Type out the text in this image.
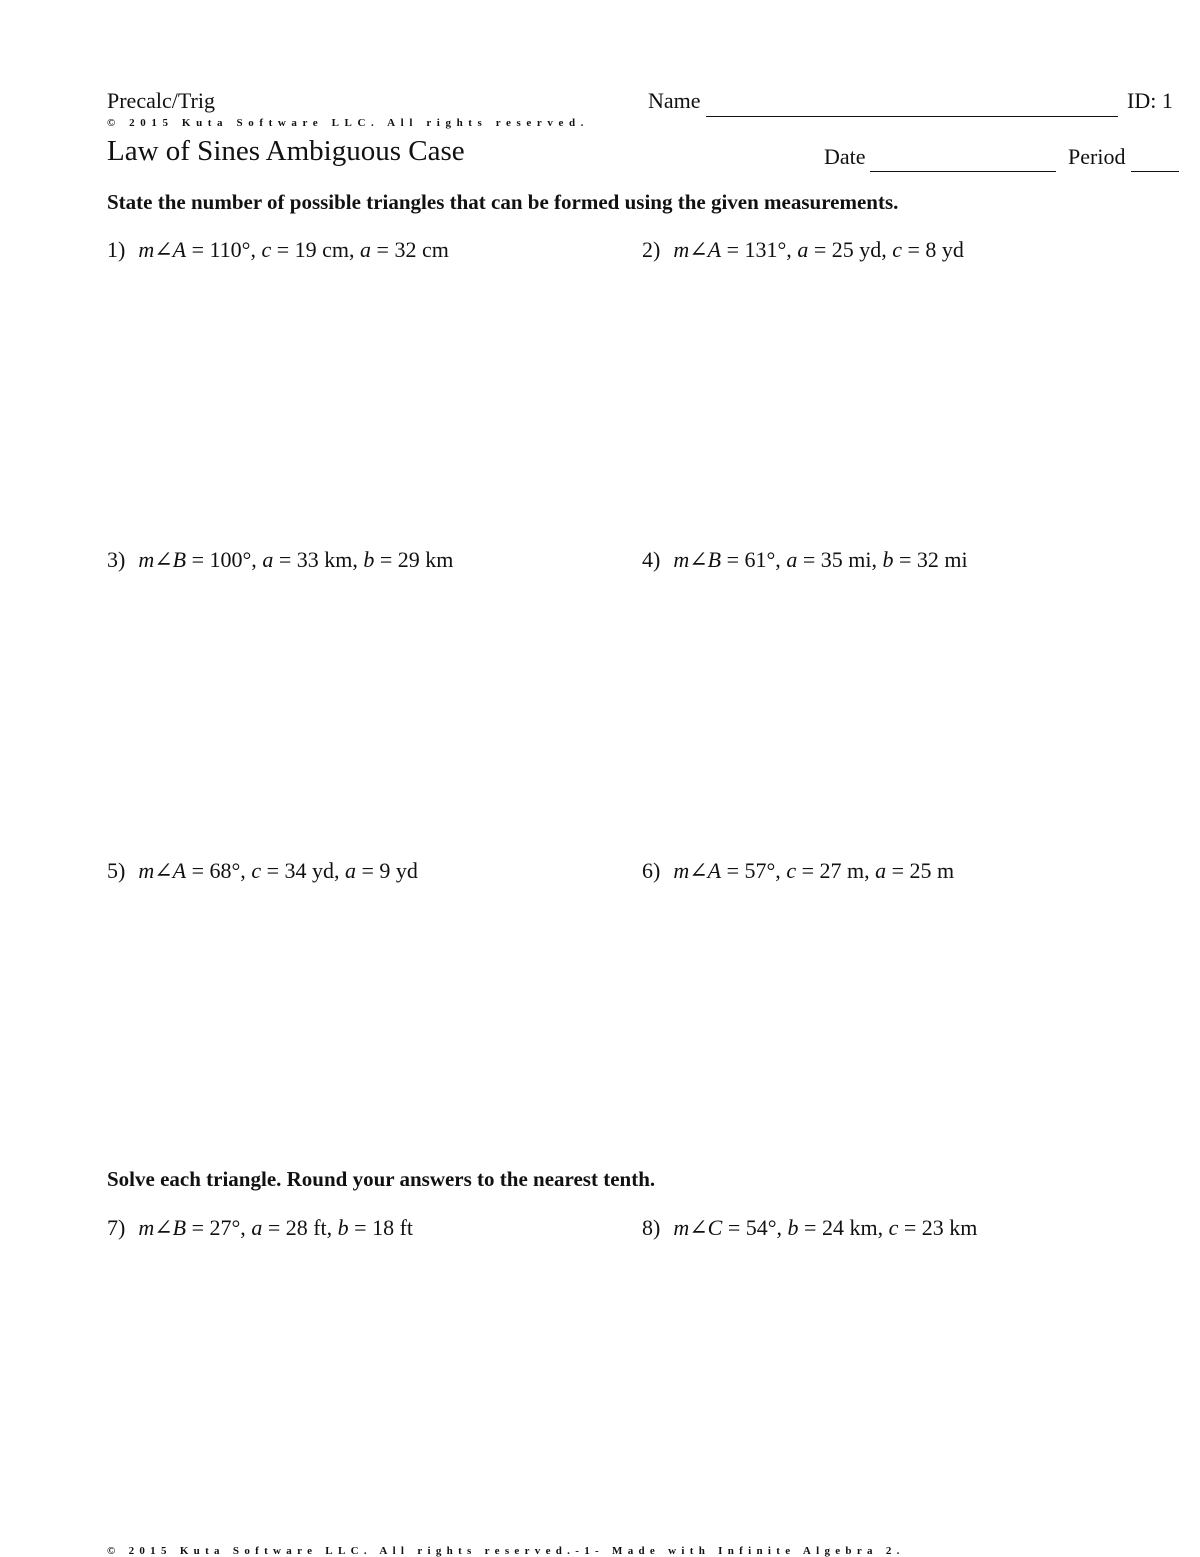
Precalc/Trig	Name	ID: 1
© 2015 Kuta Software LLC. All rights reserved.
Law of Sines Ambiguous Case	Date	Period
State the number of possible triangles that can be formed using the given measurements.
Solve each triangle. Round your answers to the nearest tenth.
1) m∠A = 110°, c = 19 cm, a = 32 cm	2) m∠A = 131°, a = 25 yd, c = 8 yd
3) m∠B = 100°, a = 33 km, b = 29 km	4) m∠B = 61°, a = 35 mi, b = 32 mi
5) m∠A = 68°, c = 34 yd, a = 9 yd	6) m∠A = 57°, c = 27 m, a = 25 m
7) m∠B = 27°, a = 28 ft, b = 18 ft	8) m∠C = 54°, b = 24 km, c = 23 km
© 2015 Kuta Software LLC. All rights reserved.-1- Made with Infinite Algebra 2.
